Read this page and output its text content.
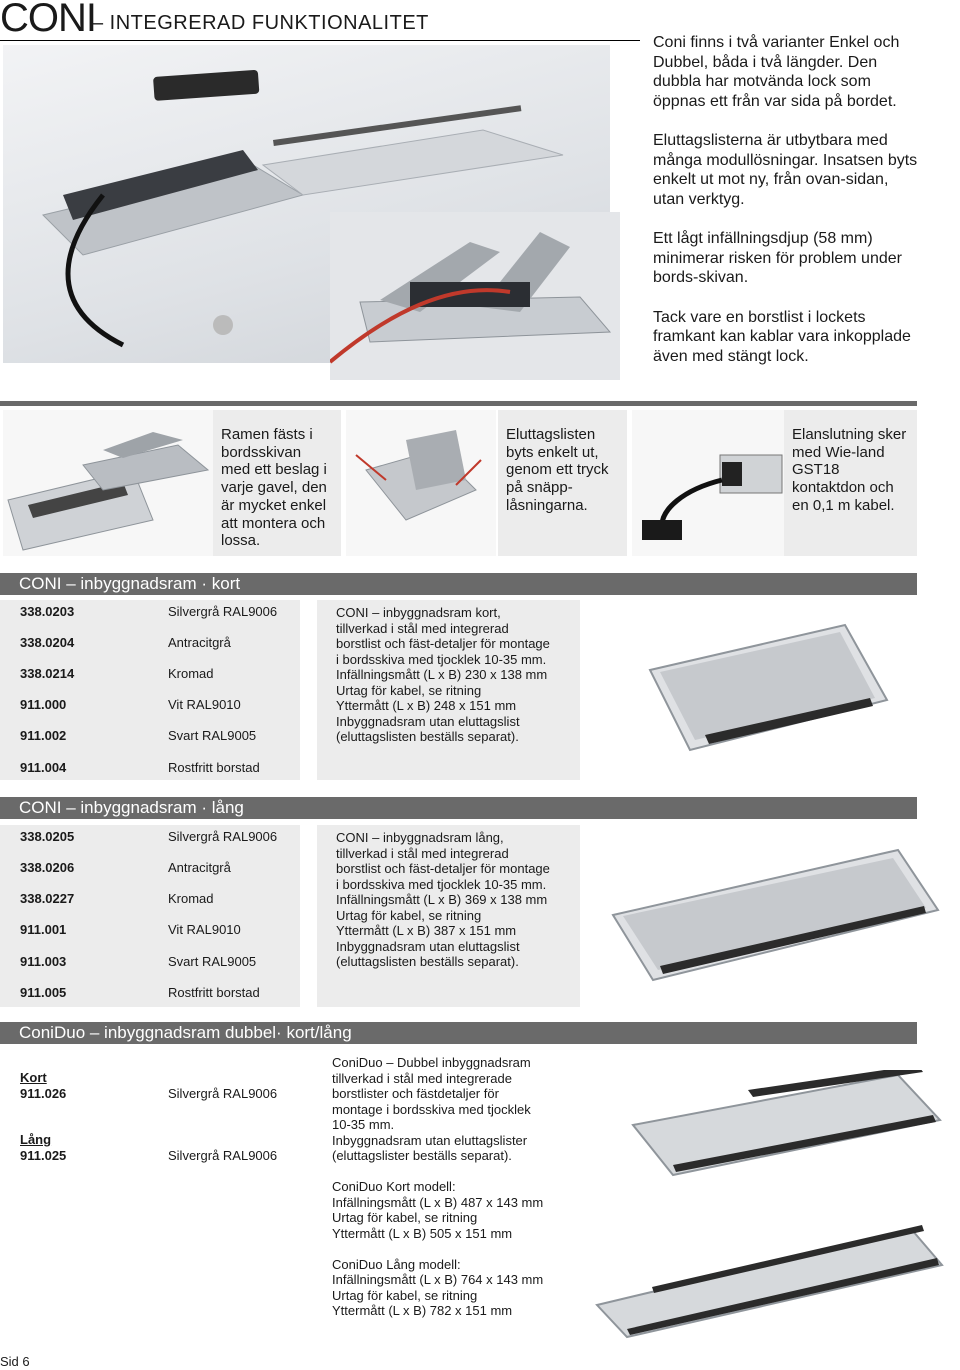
CONI
– INTEGRERAD FUNKTIONALITET

Coni finns i två varianter Enkel och Dubbel, båda i två längder. Den dubbla har motvända lock som öppnas ett från var sida på bordet.

Eluttagslisterna är utbytbara med många modullösningar. Insatsen byts enkelt ut mot ny, från ovan-sidan, utan verktyg.

Ett lågt infällningsdjup (58 mm) minimerar risken för problem under bords-skivan.

Tack vare en borstlist i lockets framkant kan kablar vara inkopplade även med stängt lock.

Ramen fästs i bordsskivan med ett beslag i varje gavel, den är mycket enkel att montera och lossa.
Eluttagslisten byts enkelt ut, genom ett tryck på snäpp-låsningarna.
Elanslutning sker med Wie-land GST18 kontaktdon och en 0,1 m kabel.
CONI – inbyggnadsram · kort
338.0203	Silvergrå RAL9006
338.0204	Antracitgrå
338.0214	Kromad
911.000	Vit RAL9010
911.002	Svart RAL9005
911.004	Rostfritt borstad
CONI – inbyggnadsram kort,
tillverkad i stål med integrerad
borstlist och fäst-detaljer för montage
i bordsskiva med tjocklek 10-35 mm.
Infällningsmått (L x B) 230 x 138 mm
Urtag för kabel, se ritning
Yttermått (L x B) 248 x 151 mm
Inbyggnadsram utan eluttagslist
(eluttagslisten beställs separat).
CONI – inbyggnadsram · lång
338.0205	Silvergrå RAL9006
338.0206	Antracitgrå
338.0227	Kromad
911.001	Vit RAL9010
911.003	Svart RAL9005
911.005	Rostfritt borstad
CONI – inbyggnadsram lång,
tillverkad i stål med integrerad
borstlist och fäst-detaljer för montage
i bordsskiva med tjocklek 10-35 mm.
Infällningsmått (L x B) 369 x 138 mm
Urtag för kabel, se ritning
Yttermått (L x B) 387 x 151 mm
Inbyggnadsram utan eluttagslist
(eluttagslisten beställs separat).
ConiDuo – inbyggnadsram dubbel· kort/lång
Kort
911.026	Silvergrå RAL9006
Lång
911.025	Silvergrå RAL9006
ConiDuo – Dubbel inbyggnadsram
tillverkad i stål med integrerade
borstlister och fästdetaljer för
montage i bordsskiva med tjocklek
10-35 mm.
Inbyggnadsram utan eluttagslister
(eluttagslister beställs separat).
ConiDuo Kort modell:
Infällningsmått (L x B) 487 x 143 mm
Urtag för kabel, se ritning
Yttermått (L x B) 505 x 151 mm
ConiDuo Lång modell:
Infällningsmått (L x B) 764 x 143 mm
Urtag för kabel, se ritning
Yttermått (L x B) 782 x 151 mm
Sid 6
